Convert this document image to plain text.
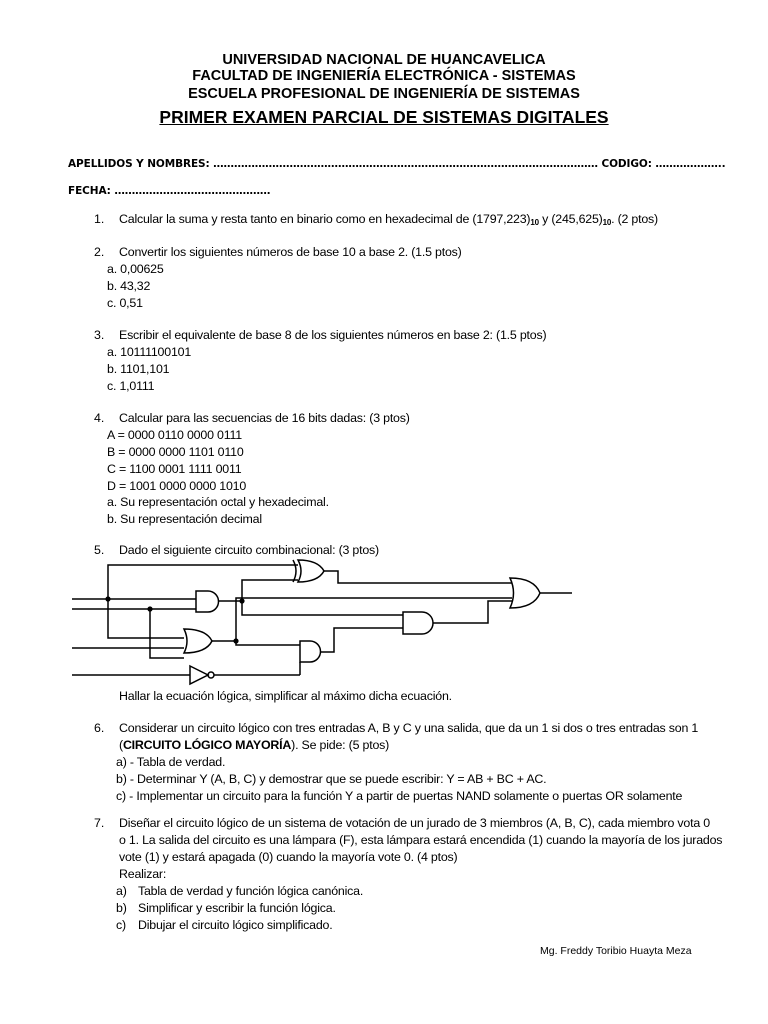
UNIVERSIDAD NACIONAL DE HUANCAVELICA
FACULTAD DE INGENIERÍA ELECTRÓNICA - SISTEMAS
ESCUELA PROFESIONAL DE INGENIERÍA DE SISTEMAS
PRIMER EXAMEN PARCIAL DE SISTEMAS DIGITALES
APELLIDOS Y NOMBRES: ………………………………………………………………………………………………… CODIGO: ………………..
FECHA: ………………………………………
1. Calcular la suma y resta tanto en binario como en hexadecimal de $(1797,223)_{10}$ y $(245,625)_{10}$. (2 ptos)
2. Convertir los siguientes números de base 10 a base 2. (1.5 ptos)
a. 0,00625
b. 43,32
c. 0,51
3. Escribir el equivalente de base 8 de los siguientes números en base 2: (1.5 ptos)
a. 10111100101
b. 1101,101
c. 1,0111
4. Calcular para las secuencias de 16 bits dadas: (3 ptos)
A = 0000 0110 0000 0111
B = 0000 0000 1101 0110
C = 1100 0001 1111 0011
D = 1001 0000 0000 1010
a. Su representación octal y hexadecimal.
b. Su representación decimal
5. Dado el siguiente circuito combinacional: (3 ptos)
Hallar la ecuación lógica, simplificar al máximo dicha ecuación.
6. Considerar un circuito lógico con tres entradas A, B y C y una salida, que da un 1 si dos o tres entradas son 1
(CIRCUITO LÓGICO MAYORÍA). Se pide: (5 ptos)
a) - Tabla de verdad.
b) - Determinar Y (A, B, C) y demostrar que se puede escribir: Y = AB + BC + AC.
c) - Implementar un circuito para la función Y a partir de puertas NAND solamente o puertas OR solamente
7. Diseñar el circuito lógico de un sistema de votación de un jurado de 3 miembros (A, B, C), cada miembro vota 0
o 1. La salida del circuito es una lámpara (F), esta lámpara estará encendida (1) cuando la mayoría de los jurados
vote (1) y estará apagada (0) cuando la mayoría vote 0. (4 ptos)
Realizar:
a) Tabla de verdad y función lógica canónica.
b) Simplificar y escribir la función lógica.
c) Dibujar el circuito lógico simplificado.
Mg. Freddy Toribio Huayta Meza
